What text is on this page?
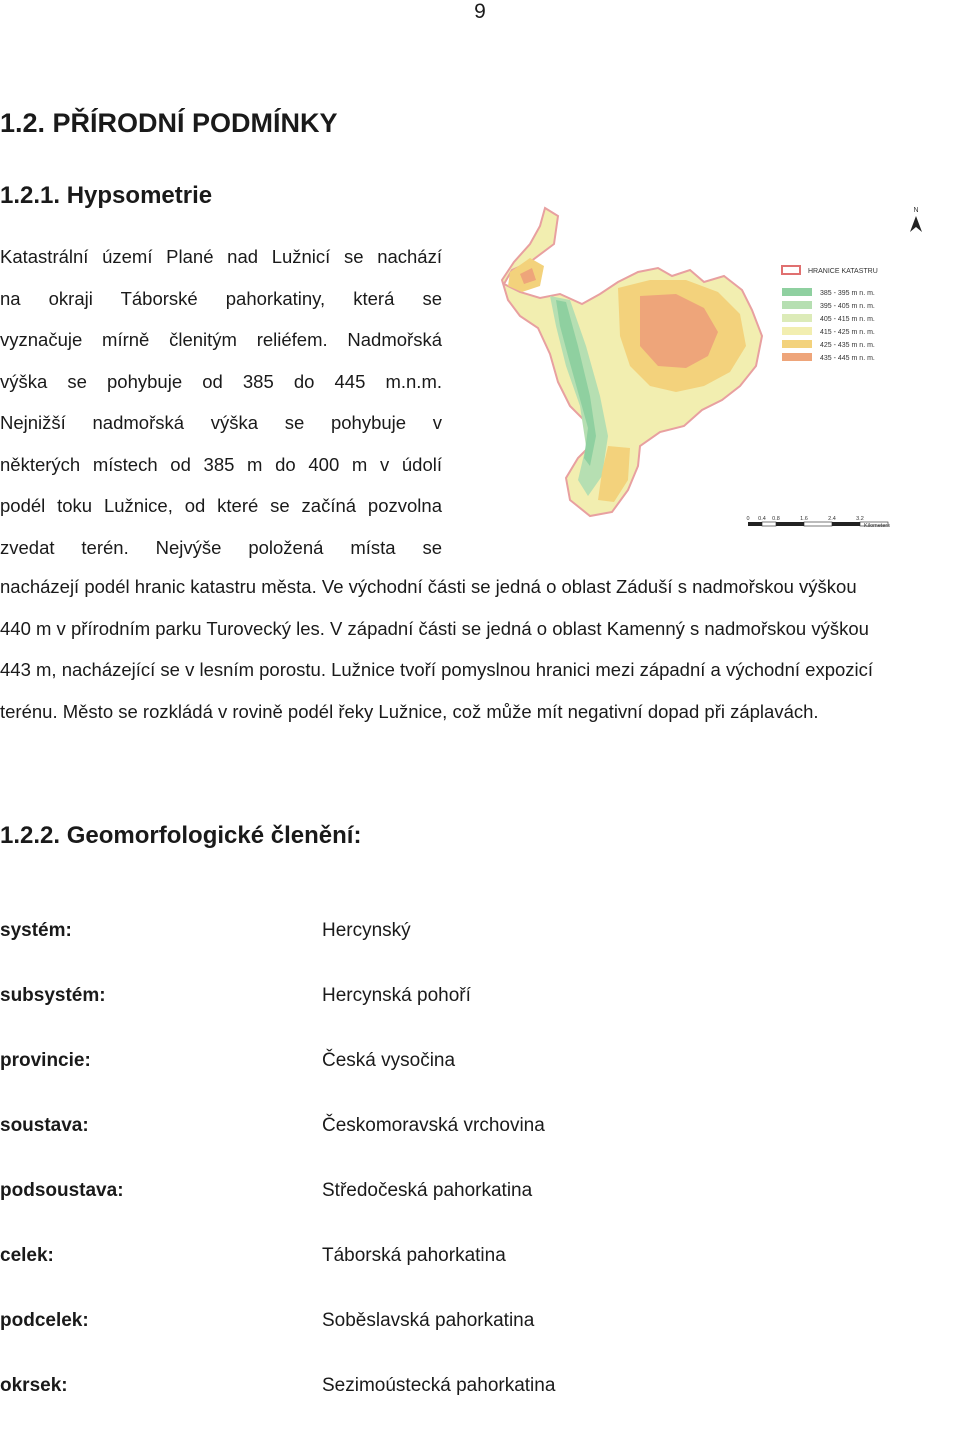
9
1.2. PŘÍRODNÍ PODMÍNKY
1.2.1. Hypsometrie
Katastrální území Plané nad Lužnicí se nachází
na okraji Táborské pahorkatiny, která se
vyznačuje mírně členitým reliéfem. Nadmořská
výška se pohybuje od 385 do 445 m.n.m.
Nejnižší nadmořská výška se pohybuje v
některých místech od 385 m do 400 m v údolí
podél toku Lužnice, od které se začíná pozvolna
zvedat terén. Nejvýše položená místa se
N
HRANICE KATASTRU
385 - 395 m n. m.
395 - 405 m n. m.
405 - 415 m n. m.
415 - 425 m n. m.
425 - 435 m n. m.
435 - 445 m n. m.
0 0.4 0.8	1.6	2.4	3.2
Kilometers
nacházejí podél hranic katastru města. Ve východní části se jedná o oblast Záduší s nadmořskou výškou
440 m v přírodním parku Turovecký les. V západní části se jedná o oblast Kamenný s nadmořskou výškou
443 m, nacházející se v lesním porostu. Lužnice tvoří pomyslnou hranici mezi západní a východní expozicí
terénu. Město se rozkládá v rovině podél řeky Lužnice, což může mít negativní dopad při záplavách.
1.2.2. Geomorfologické členění:
systém:	Hercynský
subsystém:	Hercynská pohoří
provincie:	Česká vysočina
soustava:	Českomoravská vrchovina
podsoustava:	Středočeská pahorkatina
celek:	Táborská pahorkatina
podcelek:	Soběslavská pahorkatina
okrsek:	Sezimoústecká pahorkatina
